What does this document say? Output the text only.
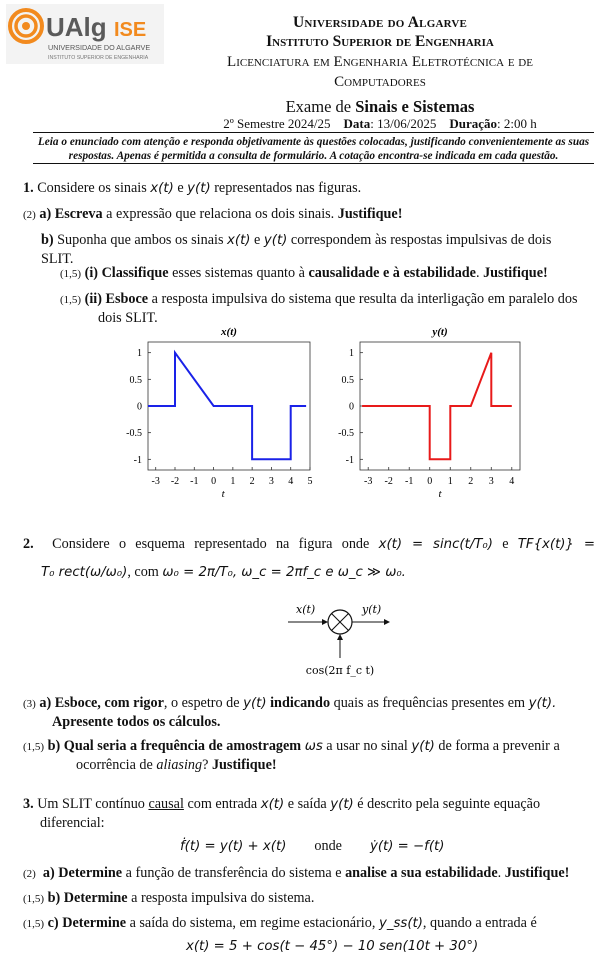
UAlg ISE
UNIVERSIDADE DO ALGARVE
INSTITUTO SUPERIOR DE ENGENHARIA
Universidade do Algarve
Instituto Superior de Engenharia
Licenciatura em Engenharia Eletrotécnica e de Computadores
Exame de Sinais e Sistemas
2º Semestre 2024/25 Data: 13/06/2025 Duração: 2:00 h
Leia o enunciado com atenção e responda objetivamente às questões colocadas, justificando convenientemente as suas respostas. Apenas é permitida a consulta de formulário. A cotação encontra-se indicada em cada questão.
1. Considere os sinais x(t) e y(t) representados nas figuras.
(2) a) Escreva a expressão que relaciona os dois sinais. Justifique!
b) Suponha que ambos os sinais x(t) e y(t) correspondem às respostas impulsivas de dois
SLIT.
(1,5) (i) Classifique esses sistemas quanto à causalidade e à estabilidade. Justifique!
(1,5) (ii) Esboce a resposta impulsiva do sistema que resulta da interligação em paralelo dos
dois SLIT.
x(t)
-3 -2 -1 0 1 2 3 4 5
1
0.5
0
-0.5
-1
t
y(t)
-3 -2 -1 0 1 2 3 4
1
0.5
0
-0.5
-1
t
2. Considere o esquema representado na figura onde x(t) = sinc(t/T₀) e TF{x(t)} =
T₀ rect(ω/ω₀), com ω₀ = 2π/T₀, ω_c = 2πf_c e ω_c ≫ ω₀.
x(t)	y(t)
cos(2π f_c t)
(3) a) Esboce, com rigor, o espetro de y(t) indicando quais as frequências presentes em y(t).
Apresente todos os cálculos.
(1,5) b) Qual seria a frequência de amostragem ωs a usar no sinal y(t) de forma a prevenir a
ocorrência de aliasing? Justifique!
3. Um SLIT contínuo causal com entrada x(t) e saída y(t) é descrito pela seguinte equação
diferencial:
ḟ(t) = y(t) + x(t) onde ẏ(t) = −f(t)
(2) a) Determine a função de transferência do sistema e analise a sua estabilidade. Justifique!
(1,5) b) Determine a resposta impulsiva do sistema.
(1,5) c) Determine a saída do sistema, em regime estacionário, y_ss(t), quando a entrada é
x(t) = 5 + cos(t − 45°) − 10 sen(10t + 30°)
